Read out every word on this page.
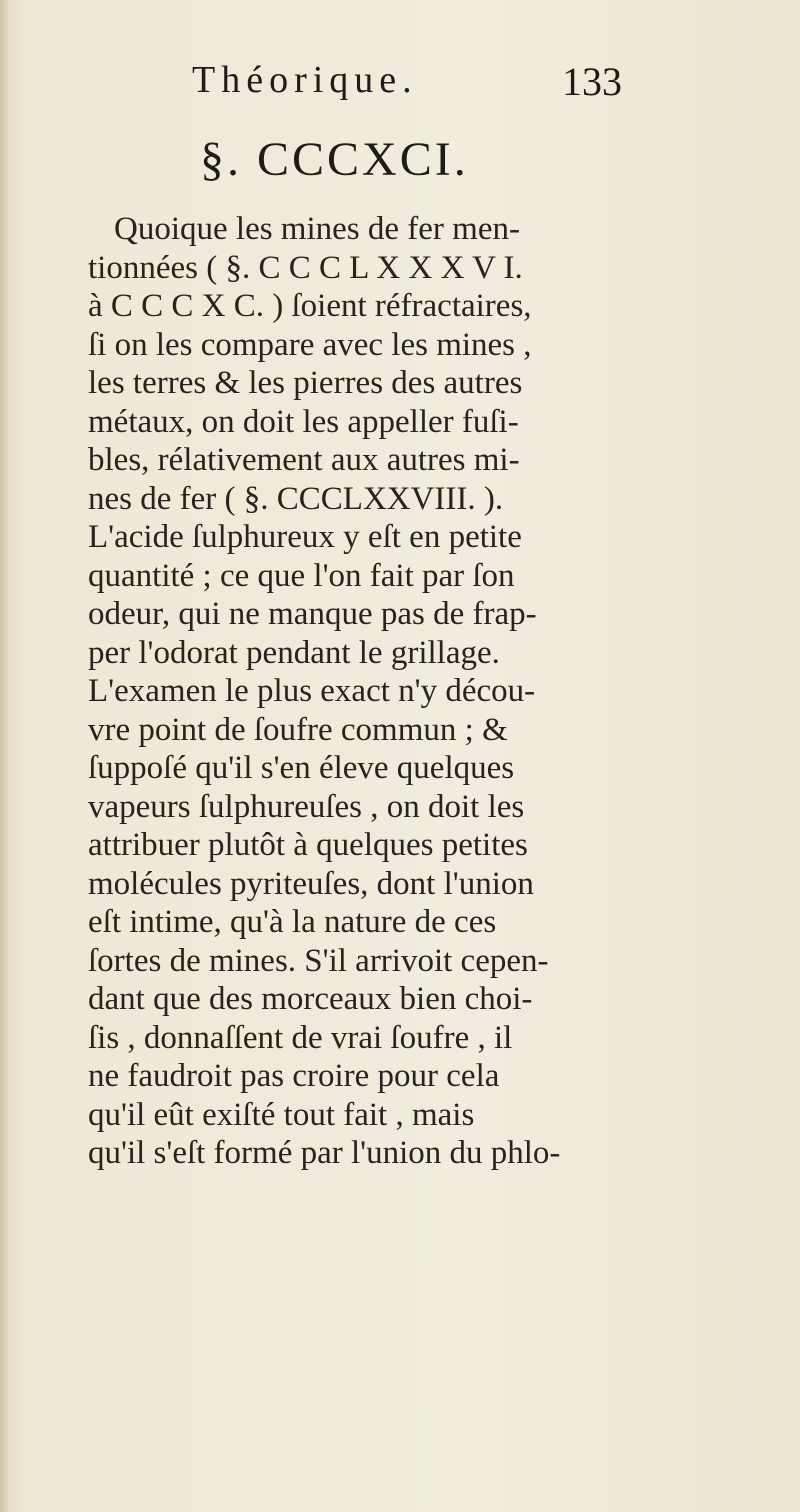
Théorique.	133
§. CCCXCI.
Quoique les mines de fer men-
tionnées ( §. C C C L X X X V I.
à C C C X C. ) ſoient réfractaires,
ſi on les compare avec les mines ,
les terres & les pierres des autres
métaux, on doit les appeller fuſi-
bles, rélativement aux autres mi-
nes de fer ( §. CCCLXXVIII. ).
L'acide ſulphureux y eſt en petite
quantité ; ce que l'on fait par ſon
odeur, qui ne manque pas de frap-
per l'odorat pendant le grillage.
L'examen le plus exact n'y décou-
vre point de ſoufre commun ; &
ſuppoſé qu'il s'en éleve quelques
vapeurs ſulphureuſes , on doit les
attribuer plutôt à quelques petites
molécules pyriteuſes, dont l'union
eſt intime, qu'à la nature de ces
ſortes de mines. S'il arrivoit cepen-
dant que des morceaux bien choi-
ſis , donnaſſent de vrai ſoufre , il
ne faudroit pas croire pour cela
qu'il eût exiſté tout fait , mais
qu'il s'eſt formé par l'union du phlo-
